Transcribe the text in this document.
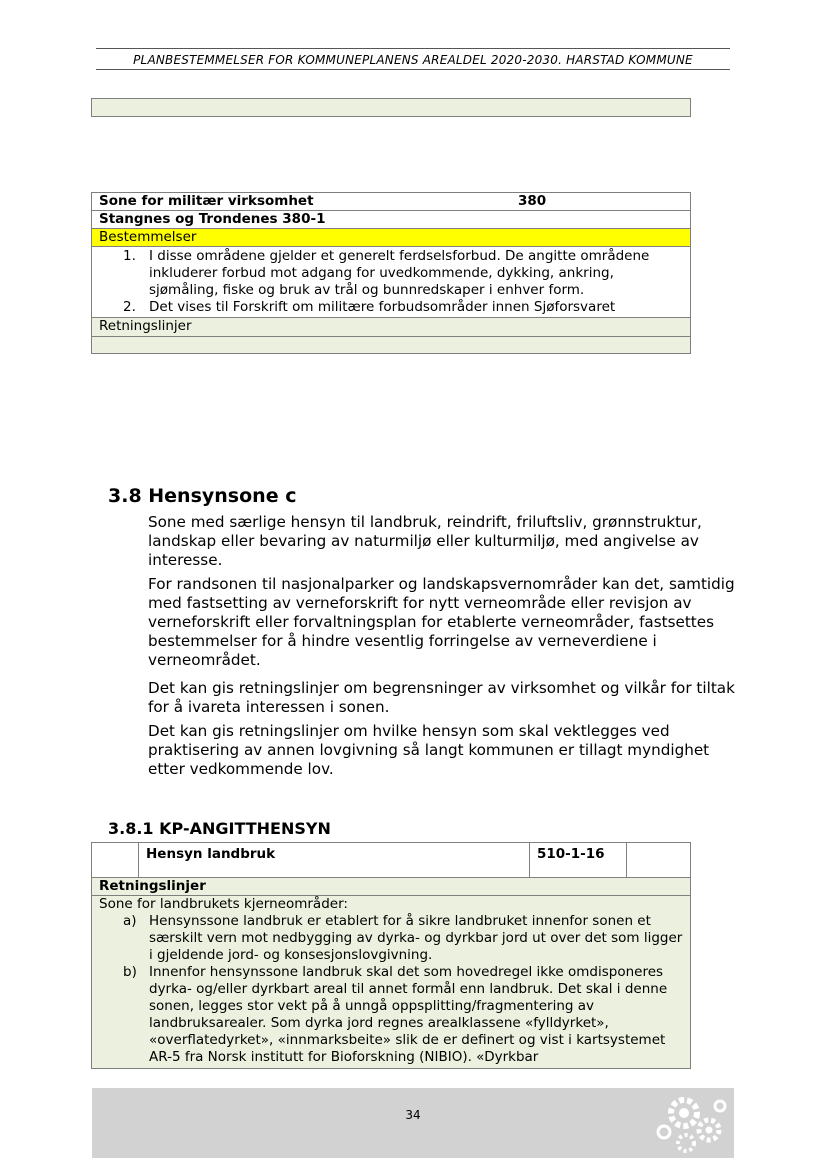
PLANBESTEMMELSER FOR KOMMUNEPLANENS AREALDEL 2020-2030. HARSTAD KOMMUNE
Sone for militær virksomhet	380
Stangnes og Trondenes 380-1
Bestemmelser

1. I disse områdene gjelder et generelt ferdselsforbud. De angitte områdene inkluderer forbud mot adgang for uvedkommende, dykking, ankring, sjømåling, fiske og bruk av trål og bunnredskaper i enhver form.
2. Det vises til Forskrift om militære forbudsområder innen Sjøforsvaret

Retningslinjer

3.8 Hensynsone c
Sone med særlige hensyn til landbruk, reindrift, friluftsliv, grønnstruktur, landskap eller bevaring av naturmiljø eller kulturmiljø, med angivelse av interesse.
For randsonen til nasjonalparker og landskapsvernområder kan det, samtidig med fastsetting av verneforskrift for nytt verneområde eller revisjon av verneforskrift eller forvaltningsplan for etablerte verneområder, fastsettes bestemmelser for å hindre vesentlig forringelse av verneverdiene i verneområdet.
Det kan gis retningslinjer om begrensninger av virksomhet og vilkår for tiltak for å ivareta interessen i sonen.
Det kan gis retningslinjer om hvilke hensyn som skal vektlegges ved praktisering av annen lovgivning så langt kommunen er tillagt myndighet etter vedkommende lov.
3.8.1 KP-ANGITTHENSYN
	Hensyn landbruk	510-1-16	
Retningslinjer

Sone for landbrukets kjerneområder:
a) Hensynssone landbruk er etablert for å sikre landbruket innenfor sonen et særskilt vern mot nedbygging av dyrka- og dyrkbar jord ut over det som ligger i gjeldende jord- og konsesjonslovgivning.
b) Innenfor hensynssone landbruk skal det som hovedregel ikke omdisponeres dyrka- og/eller dyrkbart areal til annet formål enn landbruk. Det skal i denne sonen, legges stor vekt på å unngå oppsplitting/fragmentering av landbruksarealer. Som dyrka jord regnes arealklassene «fylldyrket», «overflatedyrket», «innmarksbeite» slik de er definert og vist i kartsystemet AR-5 fra Norsk institutt for Bioforskning (NIBIO). «Dyrkbar
34
